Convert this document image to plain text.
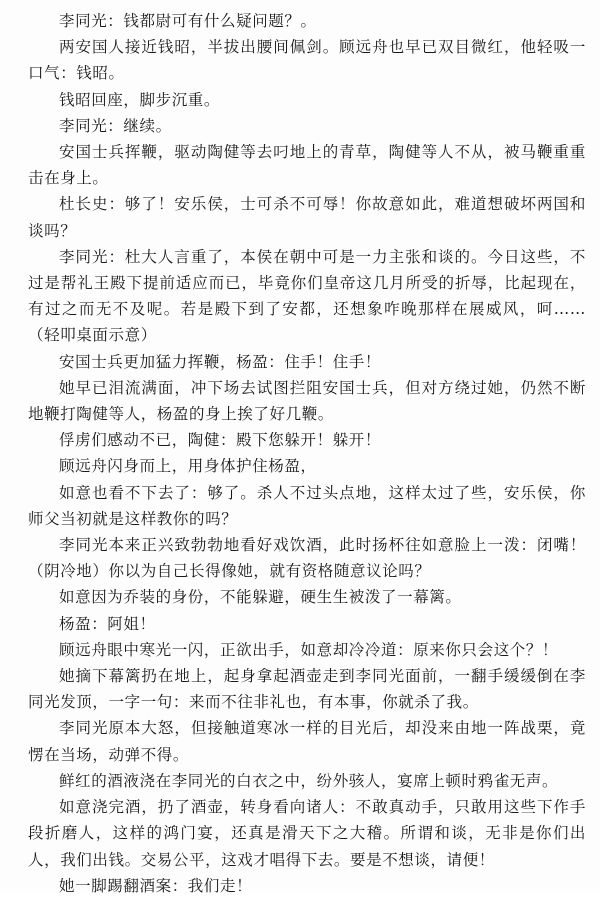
李同光：钱都尉可有什么疑问题？。

两安国人接近钱昭，半拔出腰间佩剑。顾远舟也早已双目微红，他轻吸一口气：钱昭。

钱昭回座，脚步沉重。

李同光：继续。

安国士兵挥鞭，驱动陶健等去叼地上的青草，陶健等人不从，被马鞭重重击在身上。

杜长史：够了！安乐侯，士可杀不可辱！你故意如此，难道想破坏两国和谈吗？

李同光：杜大人言重了，本侯在朝中可是一力主张和谈的。今日这些，不过是帮礼王殿下提前适应而已，毕竟你们皇帝这几月所受的折辱，比起现在，有过之而无不及呢。若是殿下到了安都，还想象咋晚那样在展威风，呵……（轻叩桌面示意）

安国士兵更加猛力挥鞭，杨盈：住手！住手！

她早已泪流满面，冲下场去试图拦阻安国士兵，但对方绕过她，仍然不断地鞭打陶健等人，杨盈的身上挨了好几鞭。

俘虏们感动不已，陶健：殿下您躲开！躲开！

顾远舟闪身而上，用身体护住杨盈，

如意也看不下去了：够了。杀人不过头点地，这样太过了些，安乐侯，你师父当初就是这样教你的吗？

李同光本来正兴致勃勃地看好戏饮酒，此时扬杯往如意脸上一泼：闭嘴！（阴冷地）你以为自己长得像她，就有资格随意议论吗？

如意因为乔装的身份，不能躲避，硬生生被泼了一幕篱。

杨盈：阿姐！

顾远舟眼中寒光一闪，正欲出手，如意却冷冷道：原来你只会这个？！

她摘下幕篱扔在地上，起身拿起酒壶走到李同光面前，一翻手缓缓倒在李同光发顶，一字一句：来而不往非礼也，有本事，你就杀了我。

李同光原本大怒，但接触道寒冰一样的目光后，却没来由地一阵战栗，竟愣在当场，动弹不得。

鲜红的酒液浇在李同光的白衣之中，纷外骇人，宴席上顿时鸦雀无声。

如意浇完酒，扔了酒壶，转身看向诸人：不敢真动手，只敢用这些下作手段折磨人，这样的鸿门宴，还真是滑天下之大稽。所谓和谈，无非是你们出人，我们出钱。交易公平，这戏才唱得下去。要是不想谈，请便！

她一脚踢翻酒案：我们走！
